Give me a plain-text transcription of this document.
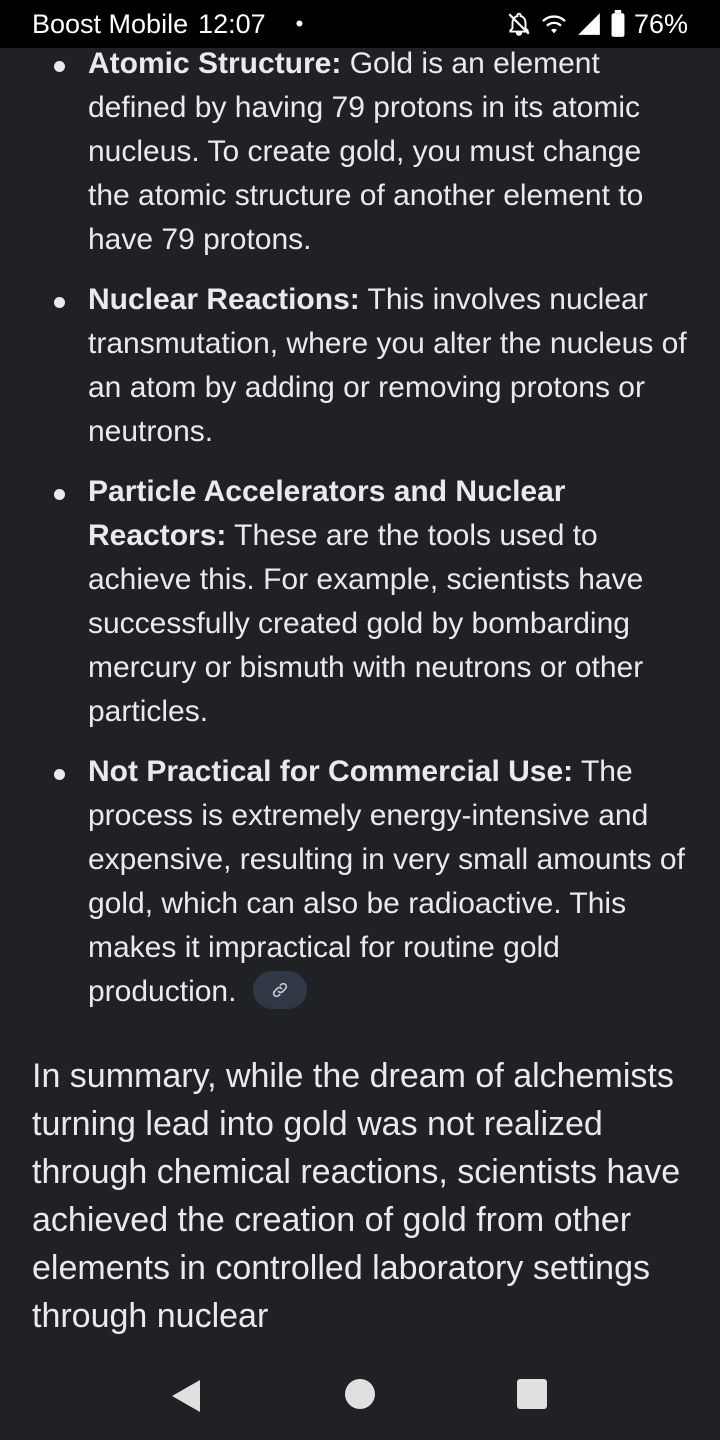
Boost Mobile 12:07 •	76%
Atomic Structure: Gold is an element defined by having 79 protons in its atomic nucleus. To create gold, you must change the atomic structure of another element to have 79 protons.
Nuclear Reactions: This involves nuclear transmutation, where you alter the nucleus of an atom by adding or removing protons or neutrons.
Particle Accelerators and Nuclear Reactors: These are the tools used to achieve this. For example, scientists have successfully created gold by bombarding mercury or bismuth with neutrons or other particles.
Not Practical for Commercial Use: The process is extremely energy-intensive and expensive, resulting in very small amounts of gold, which can also be radioactive. This makes it impractical for routine gold production.

In summary, while the dream of alchemists turning lead into gold was not realized through chemical reactions, scientists have achieved the creation of gold from other elements in controlled laboratory settings through nuclear
